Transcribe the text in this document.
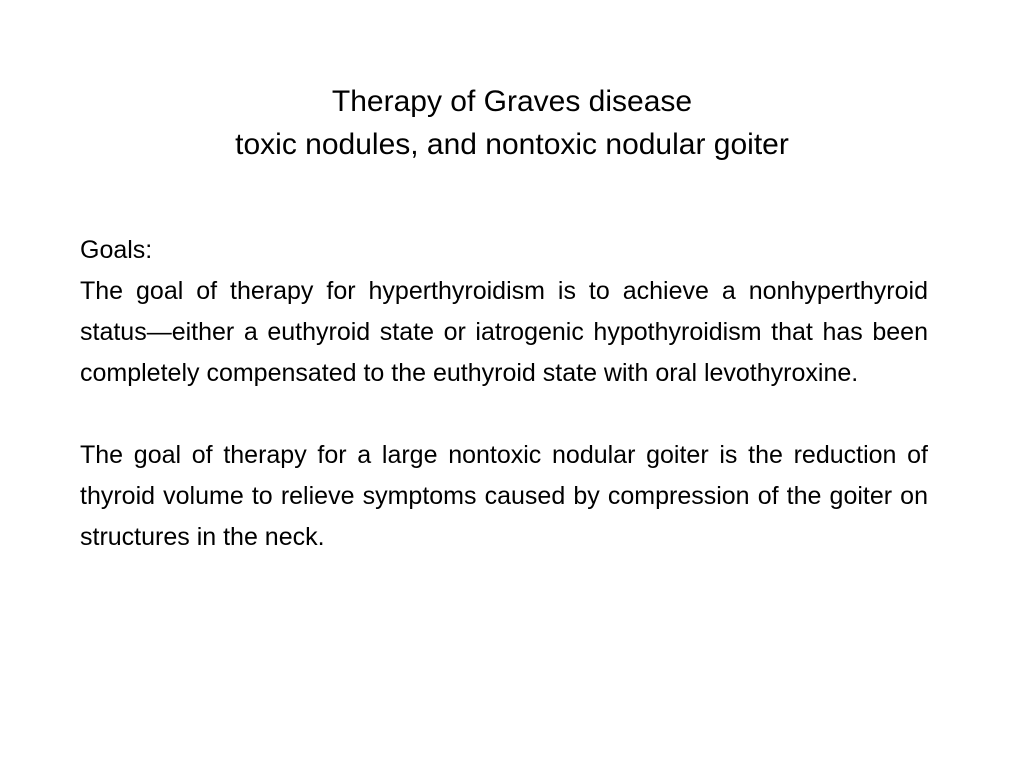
Therapy of Graves disease
toxic nodules, and nontoxic nodular goiter

Goals:

The goal of therapy for hyperthyroidism is to achieve a nonhyperthyroid status—either a euthyroid state or iatrogenic hypothyroidism that has been completely compensated to the euthyroid state with oral levothyroxine.

The goal of therapy for a large nontoxic nodular goiter is the reduction of thyroid volume to relieve symptoms caused by compression of the goiter on structures in the neck.
